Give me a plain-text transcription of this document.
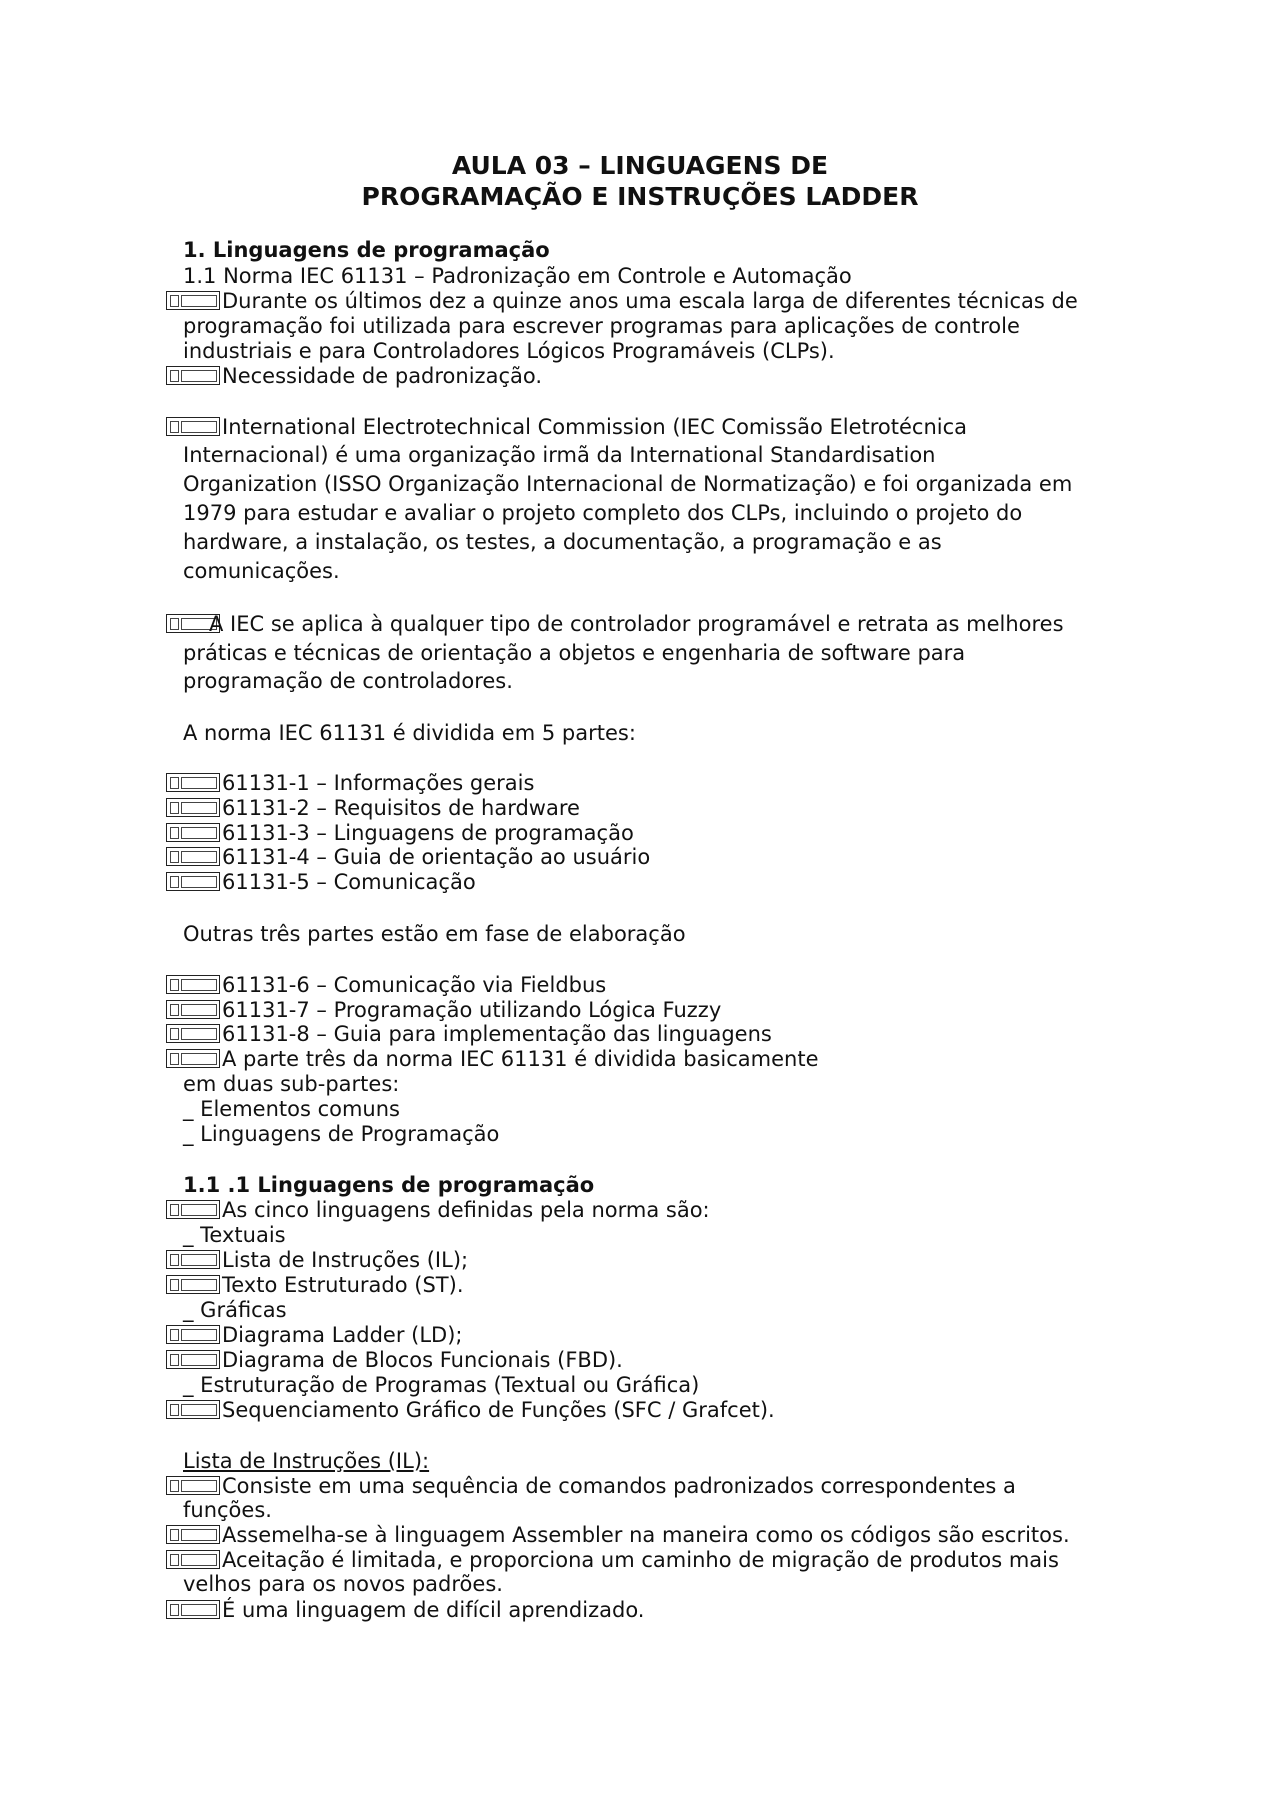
AULA 03 – LINGUAGENS DE
PROGRAMAÇÃO E INSTRUÇÕES LADDER

1. Linguagens de programação

1.1 Norma IEC 61131 – Padronização em Controle e Automação

Durante os últimos dez a quinze anos uma escala larga de diferentes técnicas de

programação foi utilizada para escrever programas para aplicações de controle

industriais e para Controladores Lógicos Programáveis (CLPs).

Necessidade de padronização.

International Electrotechnical Commission (IEC Comissão Eletrotécnica

Internacional) é uma organização irmã da International Standardisation

Organization (ISSO Organização Internacional de Normatização) e foi organizada em

1979 para estudar e avaliar o projeto completo dos CLPs, incluindo o projeto do

hardware, a instalação, os testes, a documentação, a programação e as

comunicações.

A IEC se aplica à qualquer tipo de controlador programável e retrata as melhores

práticas e técnicas de orientação a objetos e engenharia de software para

programação de controladores.

A norma IEC 61131 é dividida em 5 partes:

61131-1 – Informações gerais

61131-2 – Requisitos de hardware

61131-3 – Linguagens de programação

61131-4 – Guia de orientação ao usuário

61131-5 – Comunicação

Outras três partes estão em fase de elaboração

61131-6 – Comunicação via Fieldbus

61131-7 – Programação utilizando Lógica Fuzzy

61131-8 – Guia para implementação das linguagens

A parte três da norma IEC 61131 é dividida basicamente

em duas sub-partes:

_ Elementos comuns

_ Linguagens de Programação

1.1 .1 Linguagens de programação

As cinco linguagens definidas pela norma são:

_ Textuais

Lista de Instruções (IL);

Texto Estruturado (ST).

_ Gráficas

Diagrama Ladder (LD);

Diagrama de Blocos Funcionais (FBD).

_ Estruturação de Programas (Textual ou Gráfica)

Sequenciamento Gráfico de Funções (SFC / Grafcet).

Lista de Instruções (IL):

Consiste em uma sequência de comandos padronizados correspondentes a

funções.

Assemelha-se à linguagem Assembler na maneira como os códigos são escritos.

Aceitação é limitada, e proporciona um caminho de migração de produtos mais

velhos para os novos padrões.

É uma linguagem de difícil aprendizado.
